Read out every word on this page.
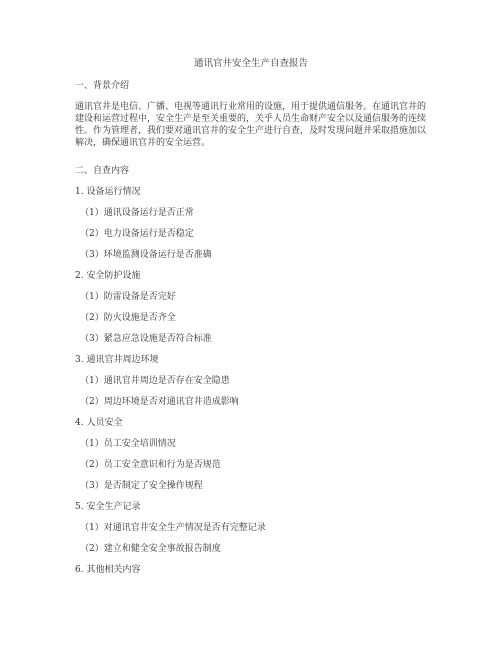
通讯官井安全生产自查报告
一、背景介绍
通讯官井是电信、广播、电视等通讯行业常用的设施，用于提供通信服务。在通讯官井的
建设和运营过程中，安全生产是至关重要的，关乎人员生命财产安全以及通信服务的连续
性。作为管理者，我们要对通讯官井的安全生产进行自查，及时发现问题并采取措施加以
解决，确保通讯官井的安全运营。
二、自查内容
1. 设备运行情况
（1）通讯设备运行是否正常
（2）电力设备运行是否稳定
（3）环境监测设备运行是否准确
2. 安全防护设施
（1）防雷设备是否完好
（2）防火设施是否齐全
（3）紧急应急设施是否符合标准
3. 通讯官井周边环境
（1）通讯官井周边是否存在安全隐患
（2）周边环境是否对通讯官井造成影响
4. 人员安全
（1）员工安全培训情况
（2）员工安全意识和行为是否规范
（3）是否制定了安全操作规程
5. 安全生产记录
（1）对通讯官井安全生产情况是否有完整记录
（2）建立和健全安全事故报告制度
6. 其他相关内容
